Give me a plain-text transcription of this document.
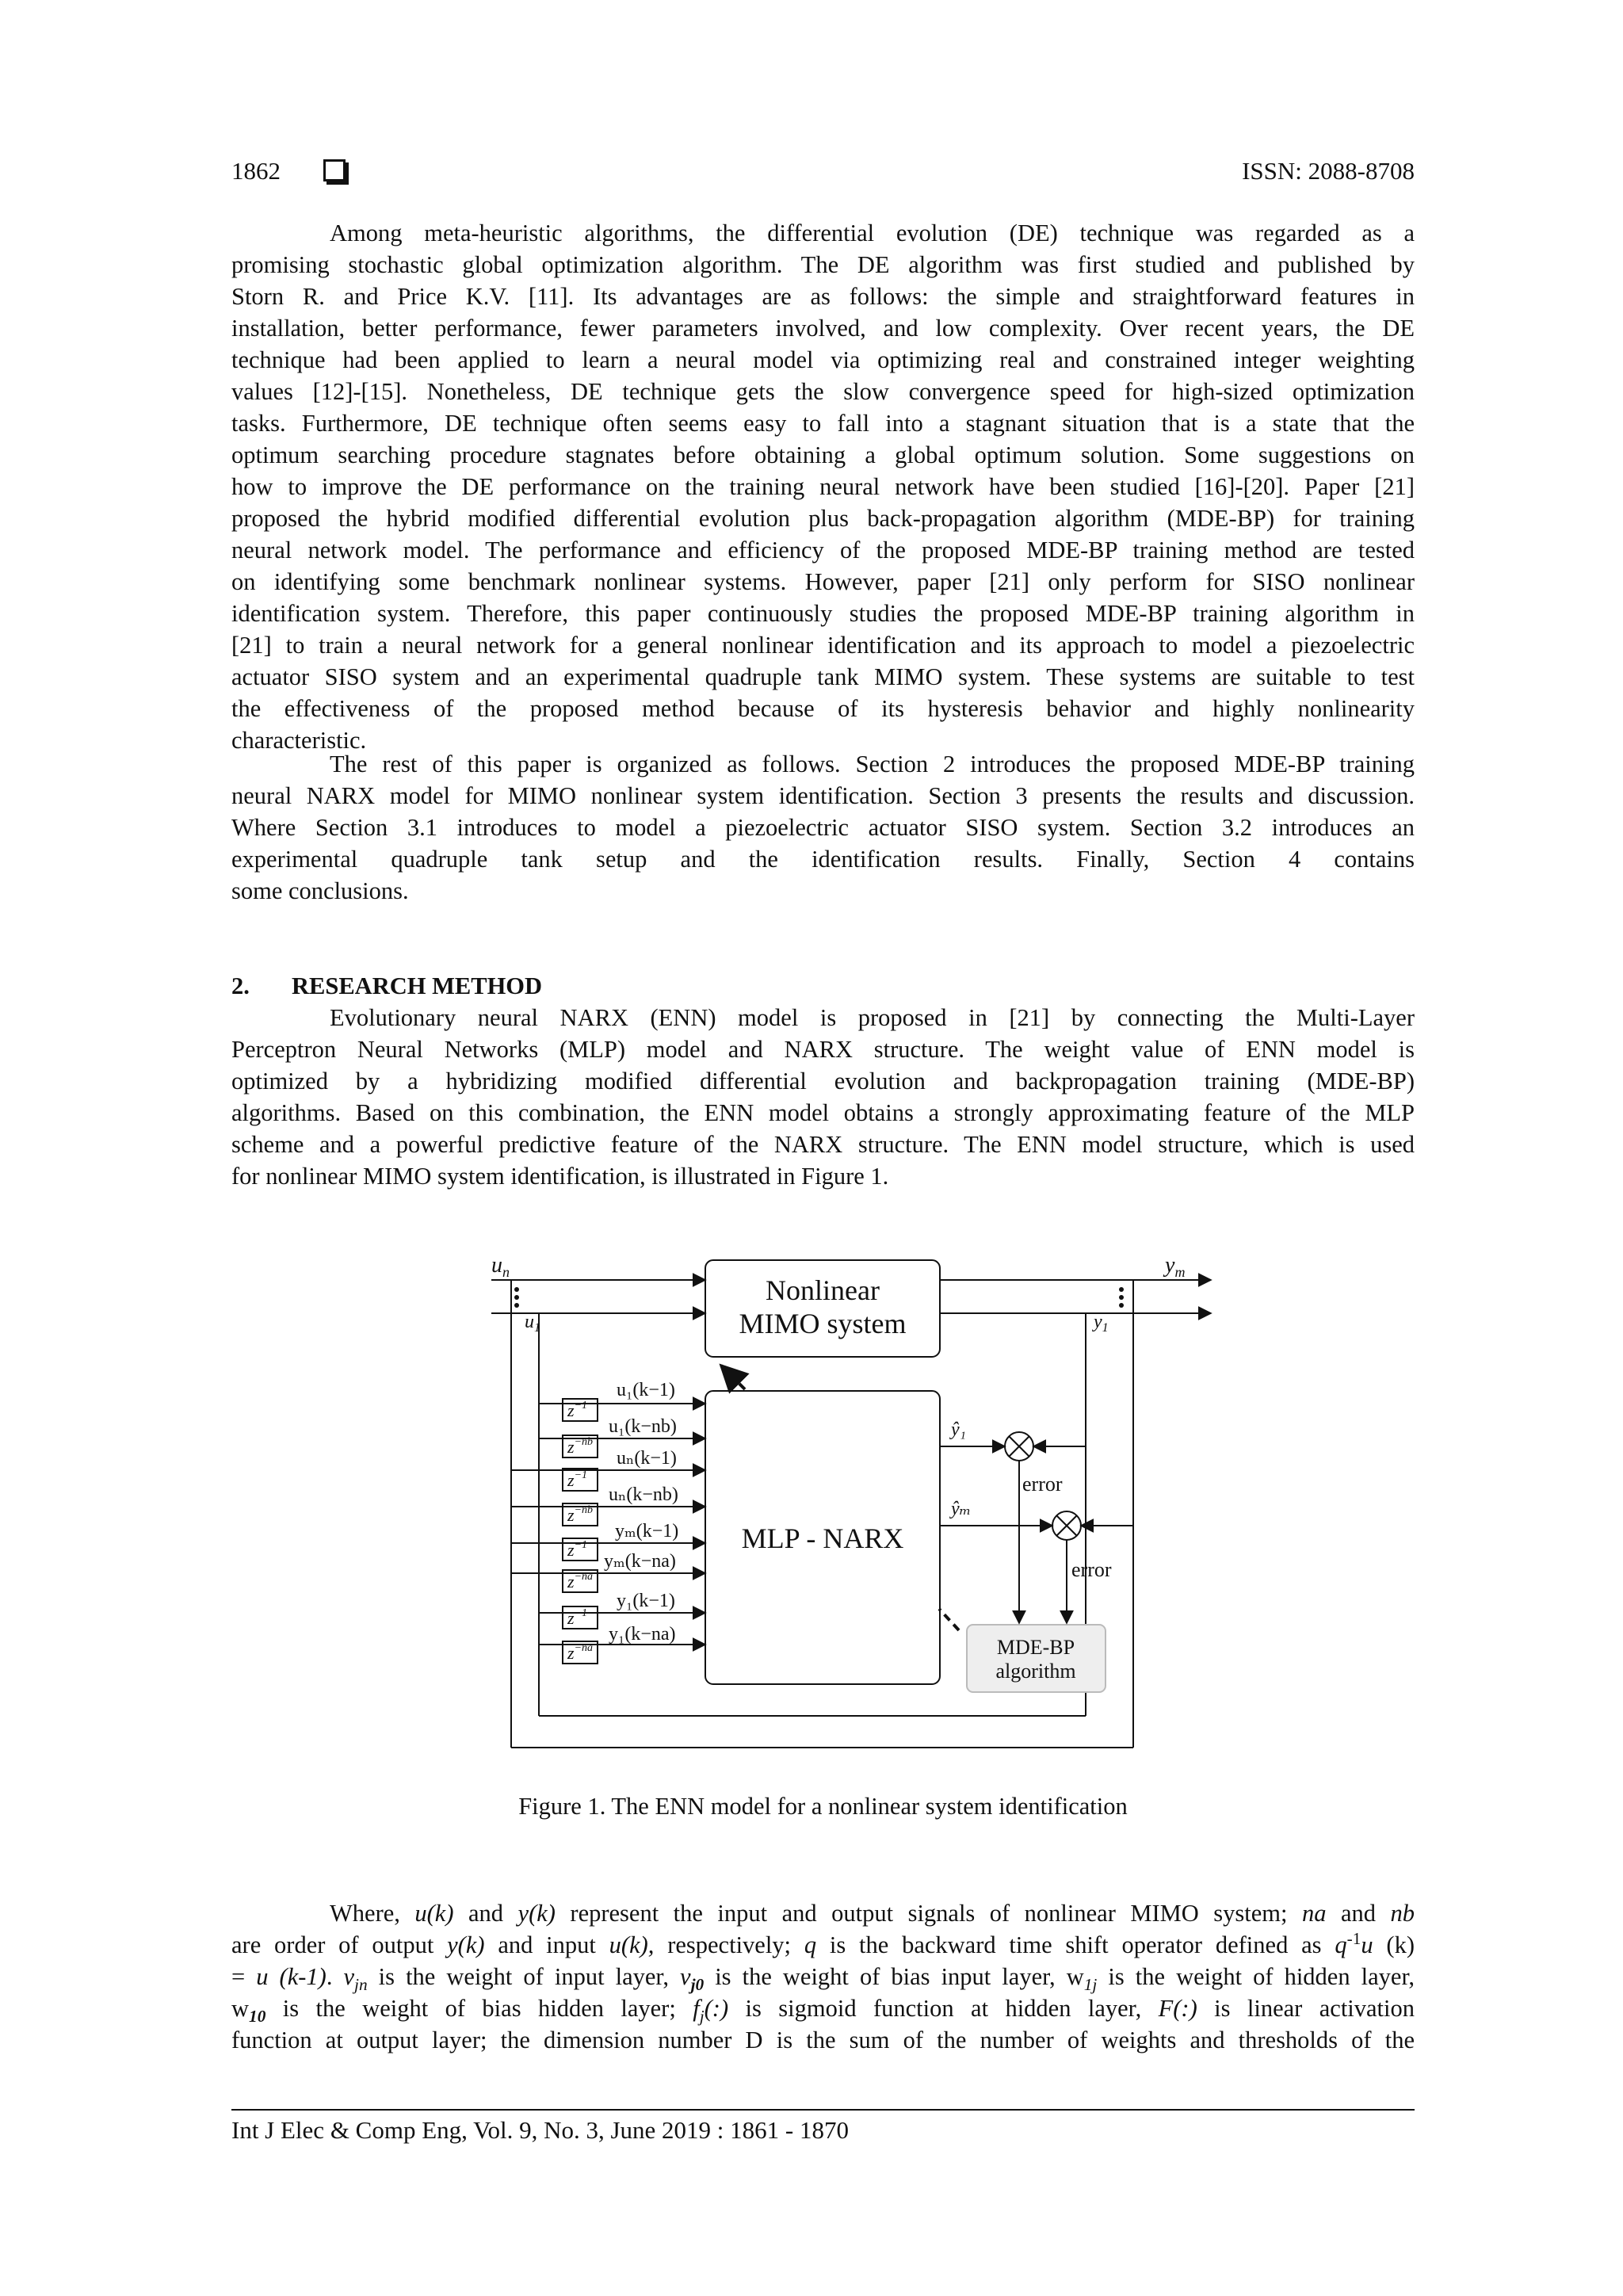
1862	ISSN: 2088-8708

Among meta-heuristic algorithms, the differential evolution (DE) technique was regarded as a
promising stochastic global optimization algorithm. The DE algorithm was first studied and published by
Storn R. and Price K.V. [11]. Its advantages are as follows: the simple and straightforward features in
installation, better performance, fewer parameters involved, and low complexity. Over recent years, the DE
technique had been applied to learn a neural model via optimizing real and constrained integer weighting
values [12]-[15]. Nonetheless, DE technique gets the slow convergence speed for high-sized optimization
tasks. Furthermore, DE technique often seems easy to fall into a stagnant situation that is a state that the
optimum searching procedure stagnates before obtaining a global optimum solution. Some suggestions on
how to improve the DE performance on the training neural network have been studied [16]-[20]. Paper [21]
proposed the hybrid modified differential evolution plus back-propagation algorithm (MDE-BP) for training
neural network model. The performance and efficiency of the proposed MDE-BP training method are tested
on identifying some benchmark nonlinear systems. However, paper [21] only perform for SISO nonlinear
identification system. Therefore, this paper continuously studies the proposed MDE-BP training algorithm in
[21] to train a neural network for a general nonlinear identification and its approach to model a piezoelectric
actuator SISO system and an experimental quadruple tank MIMO system. These systems are suitable to test
the effectiveness of the proposed method because of its hysteresis behavior and highly nonlinearity
characteristic.

The rest of this paper is organized as follows. Section 2 introduces the proposed MDE-BP training
neural NARX model for MIMO nonlinear system identification. Section 3 presents the results and discussion.
Where Section 3.1 introduces to model a piezoelectric actuator SISO system. Section 3.2 introduces an
experimental quadruple tank setup and the identification results. Finally, Section 4 contains
some conclusions.

2. RESEARCH METHOD

Evolutionary neural NARX (ENN) model is proposed in [21] by connecting the Multi-Layer
Perceptron Neural Networks (MLP) model and NARX structure. The weight value of ENN model is
optimized by a hybridizing modified differential evolution and backpropagation training (MDE-BP)
algorithms. Based on this combination, the ENN model obtains a strongly approximating feature of the MLP
scheme and a powerful predictive feature of the NARX structure. The ENN model structure, which is used
for nonlinear MIMO system identification, is illustrated in Figure 1.

$u_n$
$u_1$
$y_m$
$y_1$
Nonlinear
MIMO system
MLP - NARX
MDE-BP
algorithm
error
error
ŷ₁
ŷₘ
$z^{-1}$
$z^{-nb}$
$z^{-1}$
$z^{-nb}$
$z^{-1}$
$z^{-na}$
$z^{-1}$
$z^{-na}$
u₁(k−1)
u₁(k−nb)
uₙ(k−1)
uₙ(k−nb)
yₘ(k−1)
yₘ(k−na)
y₁(k−1)
y₁(k−na)
Figure 1. The ENN model for a nonlinear system identification

Where, u(k) and y(k) represent the input and output signals of nonlinear MIMO system; na and nb
are order of output y(k) and input u(k), respectively; q is the backward time shift operator defined as $q^{-1}u$ (k)
= u (k-1). $v_{jn}$ is the weight of input layer, $v_{j0}$ is the weight of bias input layer, $w_{1j}$ is the weight of hidden layer,
$w_{10}$ is the weight of bias hidden layer; $f_j(:)$ is sigmoid function at hidden layer, F(:) is linear activation
function at output layer; the dimension number D is the sum of the number of weights and thresholds of the

Int J Elec & Comp Eng, Vol. 9, No. 3, June 2019 : 1861 - 1870
